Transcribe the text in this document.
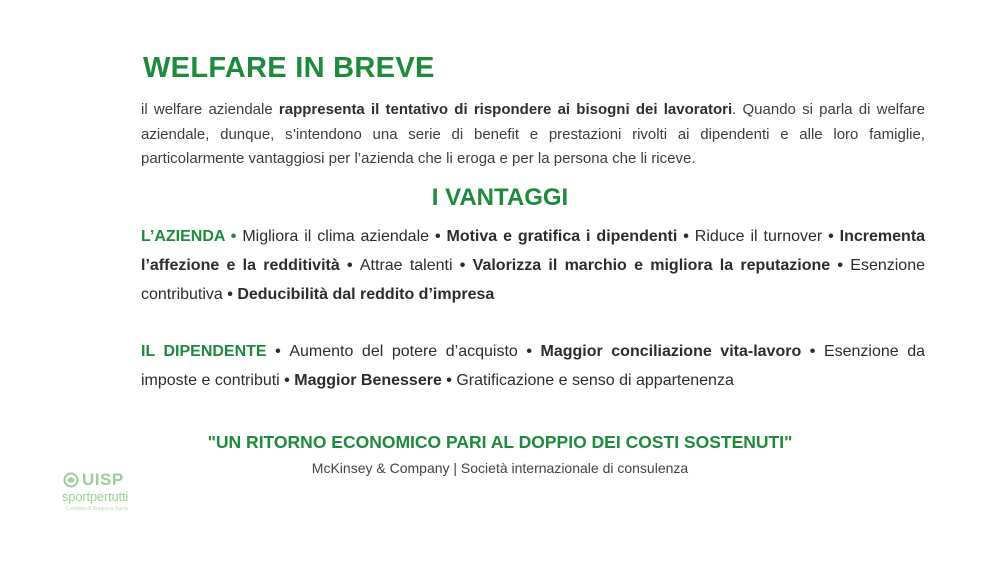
WELFARE IN BREVE

il welfare aziendale rappresenta il tentativo di rispondere ai bisogni dei lavoratori. Quando si parla di welfare aziendale, dunque, s’intendono una serie di benefit e prestazioni rivolti ai dipendenti e alle loro famiglie, particolarmente vantaggiosi per l’azienda che li eroga e per la persona che li riceve.

I VANTAGGI

L’AZIENDA • Migliora il clima aziendale • Motiva e gratifica i dipendenti • Riduce il turnover • Incrementa l’affezione e la redditività • Attrae talenti • Valorizza il marchio e migliora la reputazione • Esenzione contributiva • Deducibilità dal reddito d’impresa

IL DIPENDENTE • Aumento del potere d’acquisto • Maggior conciliazione vita-lavoro • Esenzione da imposte e contributi • Maggior Benessere • Gratificazione e senso di appartenenza

"UN RITORNO ECONOMICO PARI AL DOPPIO DEI COSTI SOSTENUTI"

McKinsey & Company | Società internazionale di consulenza

UISP
sportpertutti
Comitato di Brugnera-Sacile
